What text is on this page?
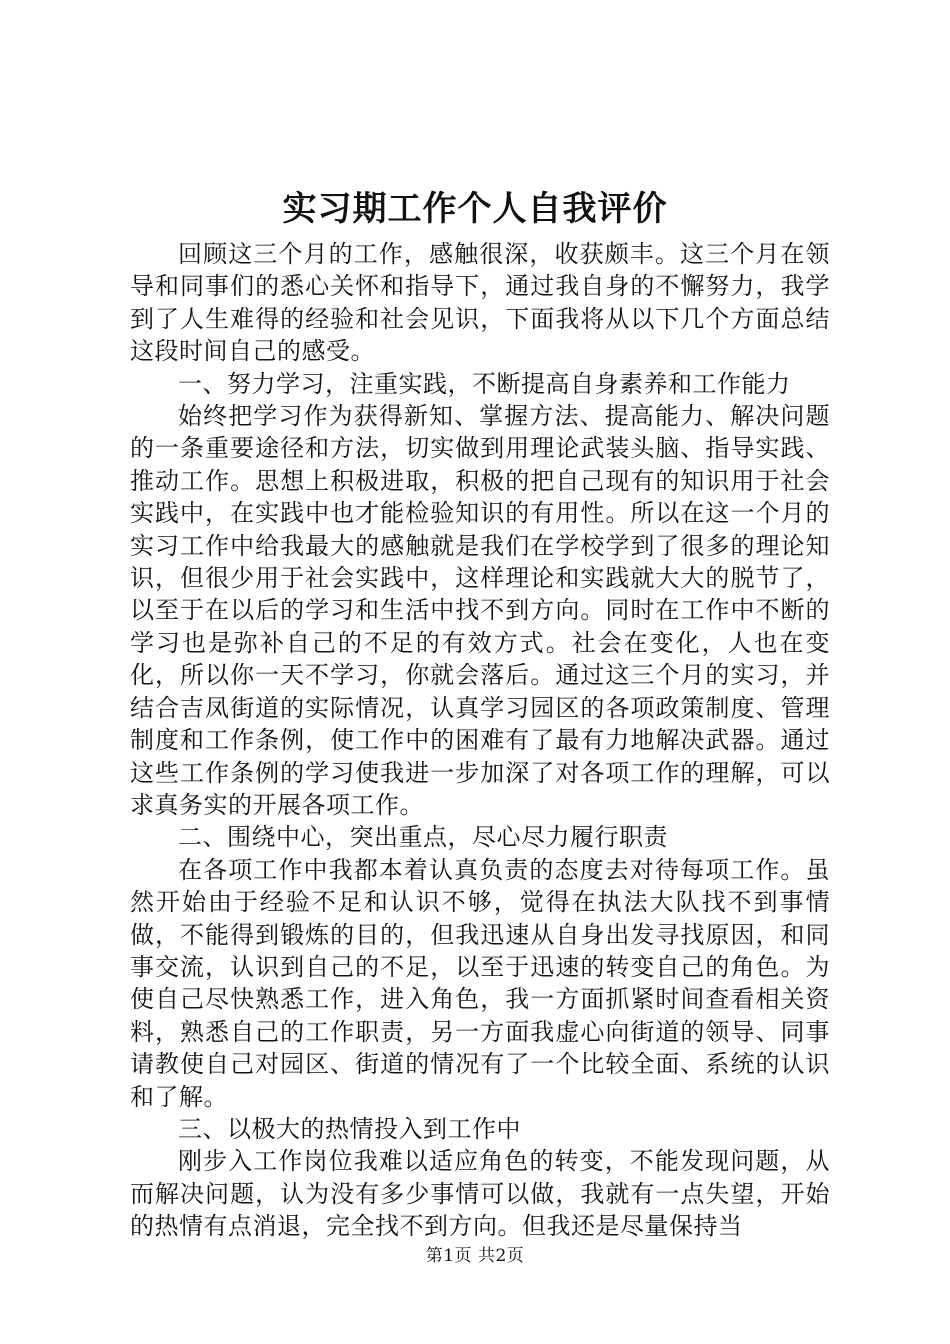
实习期工作个人自我评价

回顾这三个月的工作，感触很深，收获颇丰。这三个月在领导和同事们的悉心关怀和指导下，通过我自身的不懈努力，我学到了人生难得的经验和社会见识，下面我将从以下几个方面总结这段时间自己的感受。

一、努力学习，注重实践，不断提高自身素养和工作能力

始终把学习作为获得新知、掌握方法、提高能力、解决问题的一条重要途径和方法，切实做到用理论武装头脑、指导实践、推动工作。思想上积极进取，积极的把自己现有的知识用于社会实践中，在实践中也才能检验知识的有用性。所以在这一个月的实习工作中给我最大的感触就是我们在学校学到了很多的理论知识，但很少用于社会实践中，这样理论和实践就大大的脱节了，以至于在以后的学习和生活中找不到方向。同时在工作中不断的学习也是弥补自己的不足的有效方式。社会在变化，人也在变化，所以你一天不学习，你就会落后。通过这三个月的实习，并结合吉凤街道的实际情况，认真学习园区的各项政策制度、管理制度和工作条例，使工作中的困难有了最有力地解决武器。通过这些工作条例的学习使我进一步加深了对各项工作的理解，可以求真务实的开展各项工作。

二、围绕中心，突出重点，尽心尽力履行职责

在各项工作中我都本着认真负责的态度去对待每项工作。虽然开始由于经验不足和认识不够，觉得在执法大队找不到事情做，不能得到锻炼的目的，但我迅速从自身出发寻找原因，和同事交流，认识到自己的不足，以至于迅速的转变自己的角色。为使自己尽快熟悉工作，进入角色，我一方面抓紧时间查看相关资料，熟悉自己的工作职责，另一方面我虚心向街道的领导、同事请教使自己对园区、街道的情况有了一个比较全面、系统的认识和了解。

三、以极大的热情投入到工作中

刚步入工作岗位我难以适应角色的转变，不能发现问题，从而解决问题，认为没有多少事情可以做，我就有一点失望，开始的热情有点消退，完全找不到方向。但我还是尽量保持当

第1页 共2页
